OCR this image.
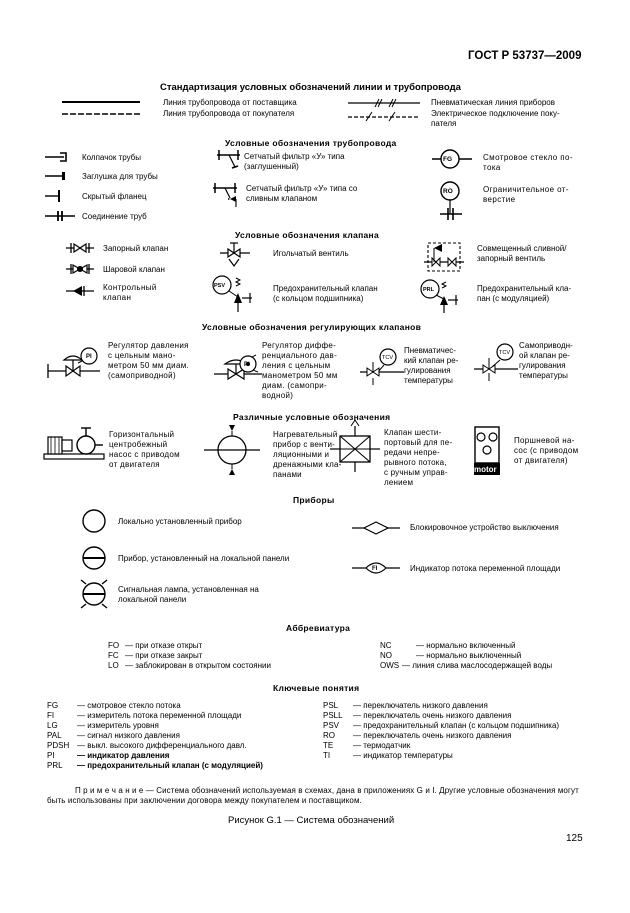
ГОСТ Р 53737—2009
Стандартизация условных обозначений линии и трубопровода
Линия трубопровода от поставщика
Линия трубопровода от покупателя
Пневматическая линия приборов
Электрическое подключение поку-
пателя
Условные обозначения трубопровода
FG
RO
Колпачок трубы
Заглушка для трубы
Скрытый фланец
Соединение труб
Сетчатый фильтр «У» типа
(заглушенный)
Сетчатый фильтр «У» типа со
сливным клапаном
Смотровое стекло по-
тока
Ограничительное от-
верстие
Условные обозначения клапана
PSV
PRL
Запорный клапан
Шаровой клапан
Контрольный
клапан
Игольчатый вентиль
Предохранительный клапан
(с кольцом подшипника)
Совмещенный сливной/
запорный вентиль
Предохранительный кла-
пан (с модуляцией)
Условные обозначения регулирующих клапанов
PI
PI
TCV
TCV
Регулятор давления
с цельным мано-
метром 50 мм диам.
(самоприводной)
Регулятор диффе-
ренциального дав-
ления с цельным
манометром 50 мм
диам. (самопри-
водной)
Пневматичес-
кий клапан ре-
гулирования
температуры
Самоприводн-
ой клапан ре-
гулирования
температуры
Различные условные обозначения
motor
Горизонтальный
центробежный
насос с приводом
от двигателя
Нагревательный
прибор с венти-
ляционными и
дренажными кла-
панами
Клапан шести-
портовый для пе-
редачи непре-
рывного потока,
с ручным управ-
лением
Поршневой на-
сос (с приводом
от двигателя)
Приборы
FI
Локально установленный прибор
Прибор, установленный на локальной панели
Сигнальная лампа, установленная на
локальной панели
Блокировочное устройство выключения
Индикатор потока переменной площади
Аббревиатура
FO — при отказе открыт
FC — при отказе закрыт
LO — заблокирован в открытом состоянии
NC	— нормально включенный
NO	— нормально выключенный
OWS — линия слива маслосодержащей воды
Ключевые понятия
FG — смотровое стекло потока
FI	— измеритель потока переменной площади
LG — измеритель уровня
PAL — сигнал низкого давления
PDSH — выкл. высокого дифференциального давл.
PI	— индикатор давления
PRL — предохранительный клапан (с модуляцией)
PSL — переключатель низкого давления
PSLL — переключатель очень низкого давления
PSV — предохранительный клапан (с кольцом подшипника)
RO — переключатель очень низкого давления
TE — термодатчик
TI	— индикатор температуры
П р и м е ч а н и е — Система обозначений используемая в схемах, дана в приложениях G и I. Другие условные обозначения могут быть использованы при заключении договора между покупателем и поставщиком.
Рисунок G.1 — Система обозначений
125
